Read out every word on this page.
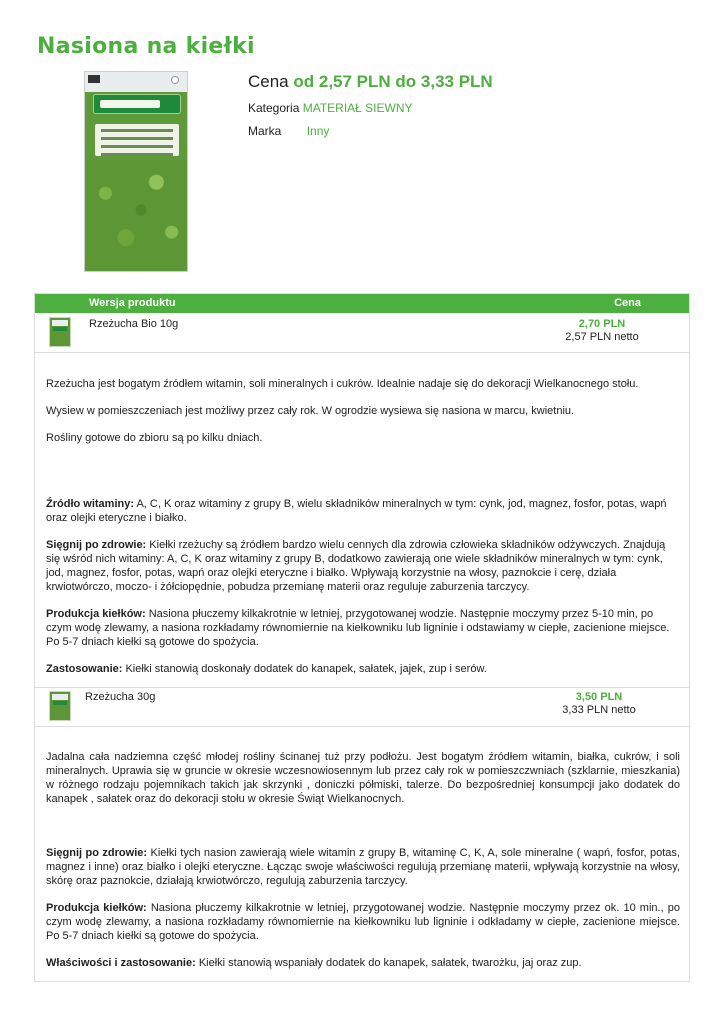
Nasiona na kiełki
Cena od 2,57 PLN do 3,33 PLN
Kategoria MATERIAŁ SIEWNY
Marka Inny
Wersja produktu	Cena
Rzeżucha Bio 10g	2,70 PLN
2,57 PLN netto

Rzeżucha jest bogatym źródłem witamin, soli mineralnych i cukrów. Idealnie nadaje się do dekoracji Wielkanocnego stołu.

Wysiew w pomieszczeniach jest możliwy przez cały rok. W ogrodzie wysiewa się nasiona w marcu, kwietniu.

Rośliny gotowe do zbioru są po kilku dniach.

Źródło witaminy: A, C, K oraz witaminy z grupy B, wielu składników mineralnych w tym: cynk, jod, magnez, fosfor, potas, wapń oraz olejki eteryczne i białko.

Sięgnij po zdrowie: Kiełki rzeżuchy są źródłem bardzo wielu cennych dla zdrowia człowieka składników odżywczych. Znajdują się wśród nich witaminy: A, C, K oraz witaminy z grupy B, dodatkowo zawierają one wiele składników mineralnych w tym: cynk, jod, magnez, fosfor, potas, wapń oraz olejki eteryczne i białko. Wpływają korzystnie na włosy, paznokcie i cerę, działa krwiotwórczo, moczo- i żółciopędnie, pobudza przemianę materii oraz reguluje zaburzenia tarczycy.

Produkcja kiełków: Nasiona płuczemy kilkakrotnie w letniej, przygotowanej wodzie. Następnie moczymy przez 5-10 min, po czym wodę zlewamy, a nasiona rozkładamy równomiernie na kiełkowniku lub ligninie i odstawiamy w ciepłe, zacienione miejsce. Po 5-7 dniach kiełki są gotowe do spożycia.

Zastosowanie: Kiełki stanowią doskonały dodatek do kanapek, sałatek, jajek, zup i serów.

Rzeżucha 30g	3,50 PLN
3,33 PLN netto

Jadalna cała nadziemna część młodej rośliny ścinanej tuż przy podłożu. Jest bogatym źródłem witamin, białka, cukrów, i soli mineralnych. Uprawia się w gruncie w okresie wczesnowiosennym lub przez cały rok w pomieszczwniach (szklarnie, mieszkania) w różnego rodzaju pojemnikach takich jak skrzynki , doniczki półmiski, talerze. Do bezpośredniej konsumpcji jako dodatek do kanapek , sałatek oraz do dekoracji stołu w okresie Świąt Wielkanocnych.

Sięgnij po zdrowie: Kiełki tych nasion zawierają wiele witamin z grupy B, witaminę C, K, A, sole mineralne ( wapń, fosfor, potas, magnez i inne) oraz białko i olejki eteryczne. Łącząc swoje właściwości regulują przemianę materii, wpływają korzystnie na włosy, skórę oraz paznokcie, działają krwiotwórczo, regulują zaburzenia tarczycy.

Produkcja kiełków: Nasiona płuczemy kilkakrotnie w letniej, przygotowanej wodzie. Następnie moczymy przez ok. 10 min., po czym wodę zlewamy, a nasiona rozkładamy równomiernie na kiełkowniku lub ligninie i odkładamy w ciepłe, zacienione miejsce. Po 5-7 dniach kiełki są gotowe do spożycia.

Właściwości i zastosowanie: Kiełki stanowią wspaniały dodatek do kanapek, sałatek, twarożku, jaj oraz zup.
